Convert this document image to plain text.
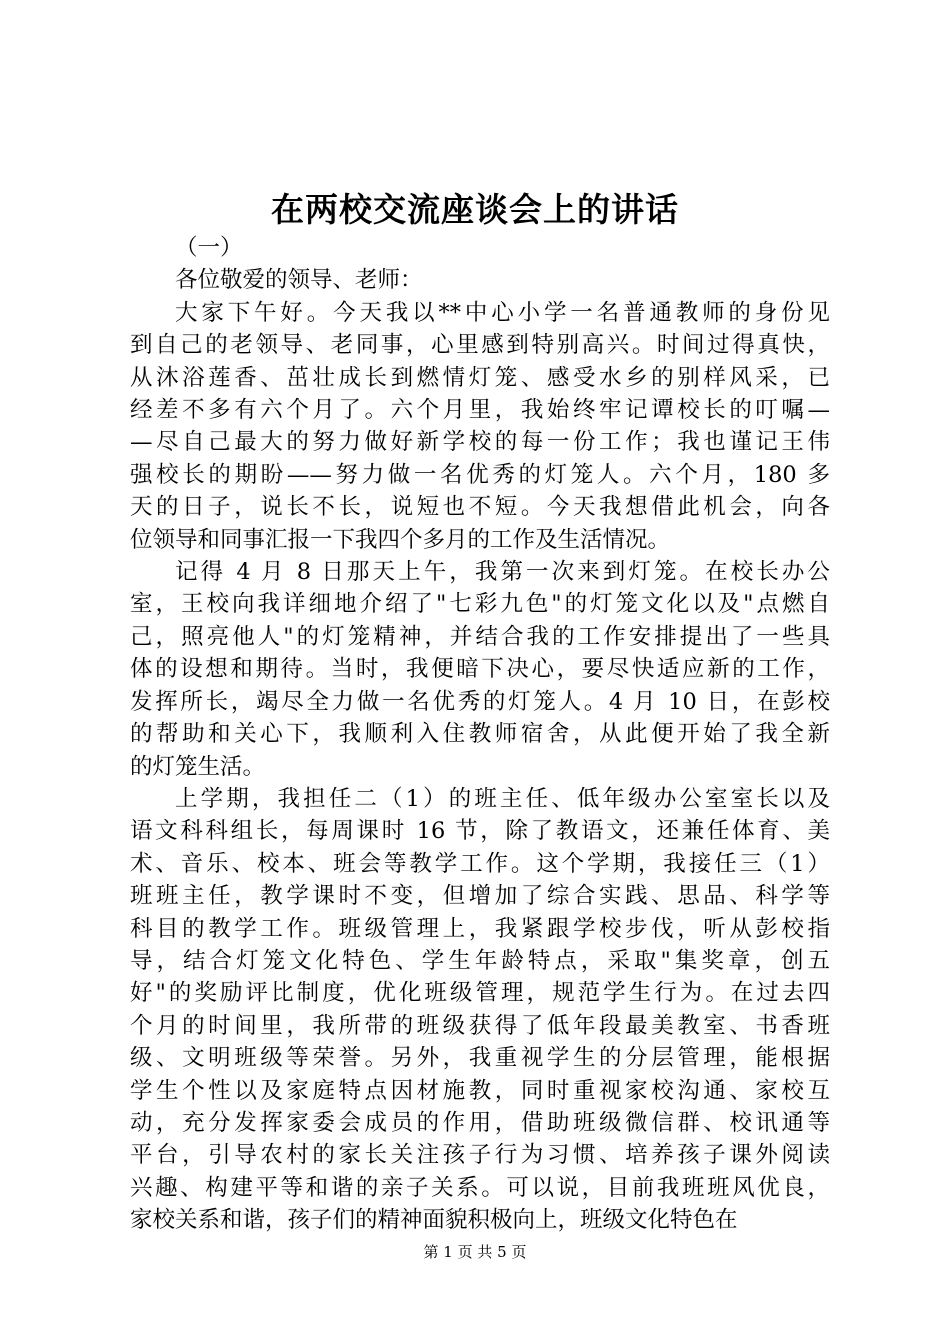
在两校交流座谈会上的讲话

（一）

各位敬爱的领导、老师：

大家下午好。今天我以**中心小学一名普通教师的身份见
到自己的老领导、老同事，心里感到特别高兴。时间过得真快，
从沐浴莲香、茁壮成长到燃情灯笼、感受水乡的别样风采，已
经差不多有六个月了。六个月里，我始终牢记谭校长的叮嘱—
—尽自己最大的努力做好新学校的每一份工作；我也谨记王伟
强校长的期盼——努力做一名优秀的灯笼人。六个月，180 多
天的日子，说长不长，说短也不短。今天我想借此机会，向各
位领导和同事汇报一下我四个多月的工作及生活情况。

记得 4 月 8 日那天上午，我第一次来到灯笼。在校长办公
室，王校向我详细地介绍了"七彩九色"的灯笼文化以及"点燃自
己，照亮他人"的灯笼精神，并结合我的工作安排提出了一些具
体的设想和期待。当时，我便暗下决心，要尽快适应新的工作，
发挥所长，竭尽全力做一名优秀的灯笼人。4 月 10 日，在彭校
的帮助和关心下，我顺利入住教师宿舍，从此便开始了我全新
的灯笼生活。

上学期，我担任二（1）的班主任、低年级办公室室长以及
语文科科组长，每周课时 16 节，除了教语文，还兼任体育、美
术、音乐、校本、班会等教学工作。这个学期，我接任三（1）
班班主任，教学课时不变，但增加了综合实践、思品、科学等
科目的教学工作。班级管理上，我紧跟学校步伐，听从彭校指
导，结合灯笼文化特色、学生年龄特点，采取"集奖章，创五
好"的奖励评比制度，优化班级管理，规范学生行为。在过去四
个月的时间里，我所带的班级获得了低年段最美教室、书香班
级、文明班级等荣誉。另外，我重视学生的分层管理，能根据
学生个性以及家庭特点因材施教，同时重视家校沟通、家校互
动，充分发挥家委会成员的作用，借助班级微信群、校讯通等
平台，引导农村的家长关注孩子行为习惯、培养孩子课外阅读
兴趣、构建平等和谐的亲子关系。可以说，目前我班班风优良，
家校关系和谐，孩子们的精神面貌积极向上，班级文化特色在

第 1 页 共 5 页
